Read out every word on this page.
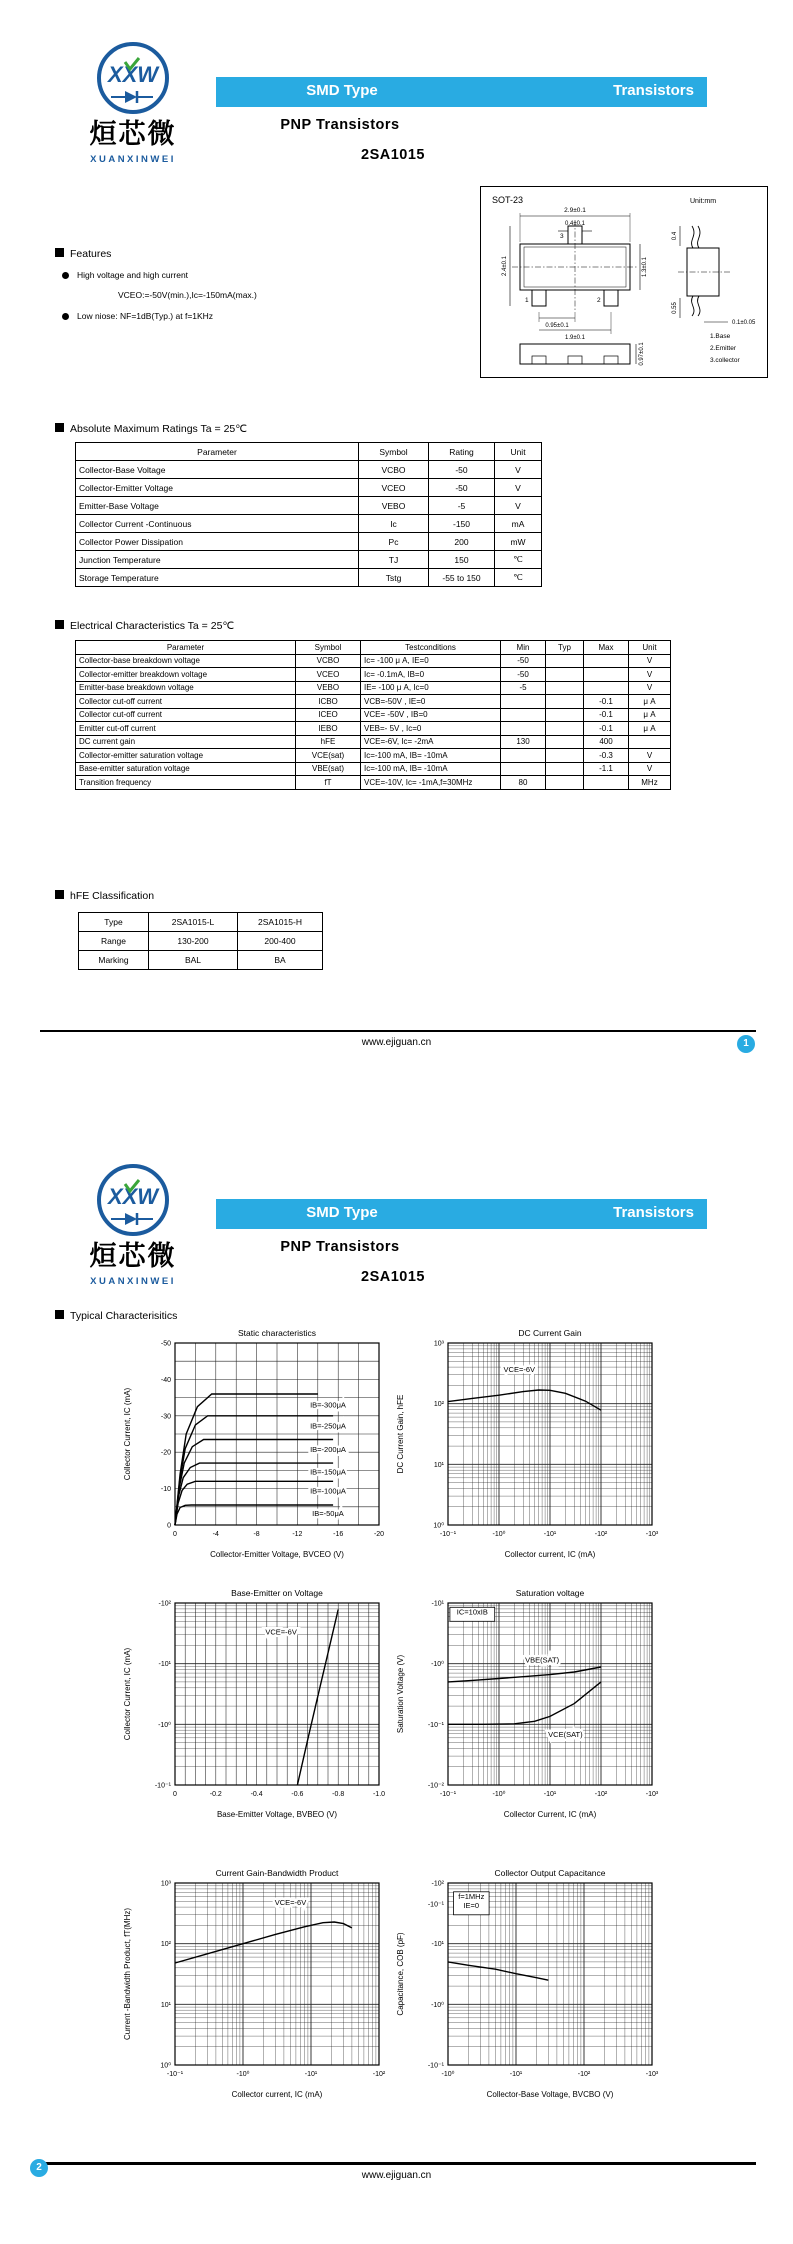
XXW
烜芯微
XUANXINWEI
SMD Type	Transistors
PNP Transistors
2SA1015
SOT-23	Unit:mm
2.9±0.1
0.4±0.1
2.4±0.1	1.3±0.1
0.95±0.1
1.9±0.1
3
1	2
0.97±0.1
0.4
0.55
0.1±0.05
1.Base
2.Emitter
3.collector
Features
High voltage and high current
VCEO:=-50V(min.),Ic=-150mA(max.)
Low niose: NF=1dB(Typ.) at f=1KHz
Absolute Maximum Ratings Ta = 25℃
Parameter	Symbol	Rating	Unit
Collector-Base Voltage	VCBO	-50	V
Collector-Emitter Voltage	VCEO	-50	V
Emitter-Base Voltage	VEBO	-5	V
Collector Current -Continuous	Ic	-150	mA
Collector Power Dissipation	Pc	200	mW
Junction Temperature	TJ	150	℃
Storage Temperature	Tstg	-55 to 150	℃
Electrical Characteristics Ta = 25℃
Parameter	Symbol	Testconditions	Min	Typ	Max	Unit
Collector-base breakdown voltage	VCBO	Ic= -100 μ A, IE=0	-50			V
Collector-emitter breakdown voltage	VCEO	Ic= -0.1mA, IB=0	-50			V
Emitter-base breakdown voltage	VEBO	IE= -100 μ A, Ic=0	-5			V
Collector cut-off current	ICBO	VCB=-50V , IE=0			-0.1	μ A
Collector cut-off current	ICEO	VCE= -50V , IB=0			-0.1	μ A
Emitter cut-off current	IEBO	VEB=- 5V , Ic=0			-0.1	μ A
DC current gain	hFE	VCE=-6V, Ic= -2mA	130		400	
Collector-emitter saturation voltage	VCE(sat)	Ic=-100 mA, IB= -10mA			-0.3	V
Base-emitter saturation voltage	VBE(sat)	Ic=-100 mA, IB= -10mA			-1.1	V
Transition frequency	fT	VCE=-10V, Ic= -1mA,f=30MHz	80			MHz
hFE Classification
Type	2SA1015-L	2SA1015-H
Range	130-200	200-400
Marking	BAL	BA
www.ejiguan.cn	1
XXW
烜芯微
XUANXINWEI
SMD Type	Transistors
PNP Transistors
2SA1015
Typical Characterisitics
IB=-300μA
IB=-250μA
IB=-200μA
IB=-150μA
IB=-100μA
IB=-50μA
0	-4	-8	-12	-16	-20
0
-10
-20
-30
-40
-50
Static characteristics
Collector-Emitter Voltage, BVCEO (V)
Collector Current, IC (mA)
VCE=-6V
-10⁻¹	-10⁰	-10¹	-10²	-10³
10⁰
10¹
10²
10³
DC Current Gain
Collector current, IC (mA)
DC Current Gain, hFE
VCE=-6V
0	-0.2	-0.4	-0.6	-0.8	-1.0
-10⁻¹
-10⁰
-10¹
-10²
Base-Emitter on Voltage
Base-Emitter Voltage, BVBEO (V)
Collector Current, IC (mA)	VBE(SAT)
VCE(SAT)
IC=10xIB
-10⁻¹	-10⁰	-10¹	-10²	-10³
-10¹
-10⁰
-10⁻¹
-10⁻²
Saturation voltage
Collector Current, IC (mA)
Saturation Voltage (V)
VCE=-6V
-10⁻¹	-10⁰	-10¹	-10²
10⁰
10¹
10²
10³
Current Gain-Bandwidth Product
Collector current, IC (mA)
Current -Bandwidth Product, fT(MHz)
f=1MHz
IE=0
-10⁰	-10¹	-10²	-10³
-10²
-10⁻¹
-10¹
-10⁰
-10⁻¹
Collector Output Capacitance
Collector-Base Voltage, BVCBO (V)
Capacitance, COB (pF)
www.ejiguan.cn
2
